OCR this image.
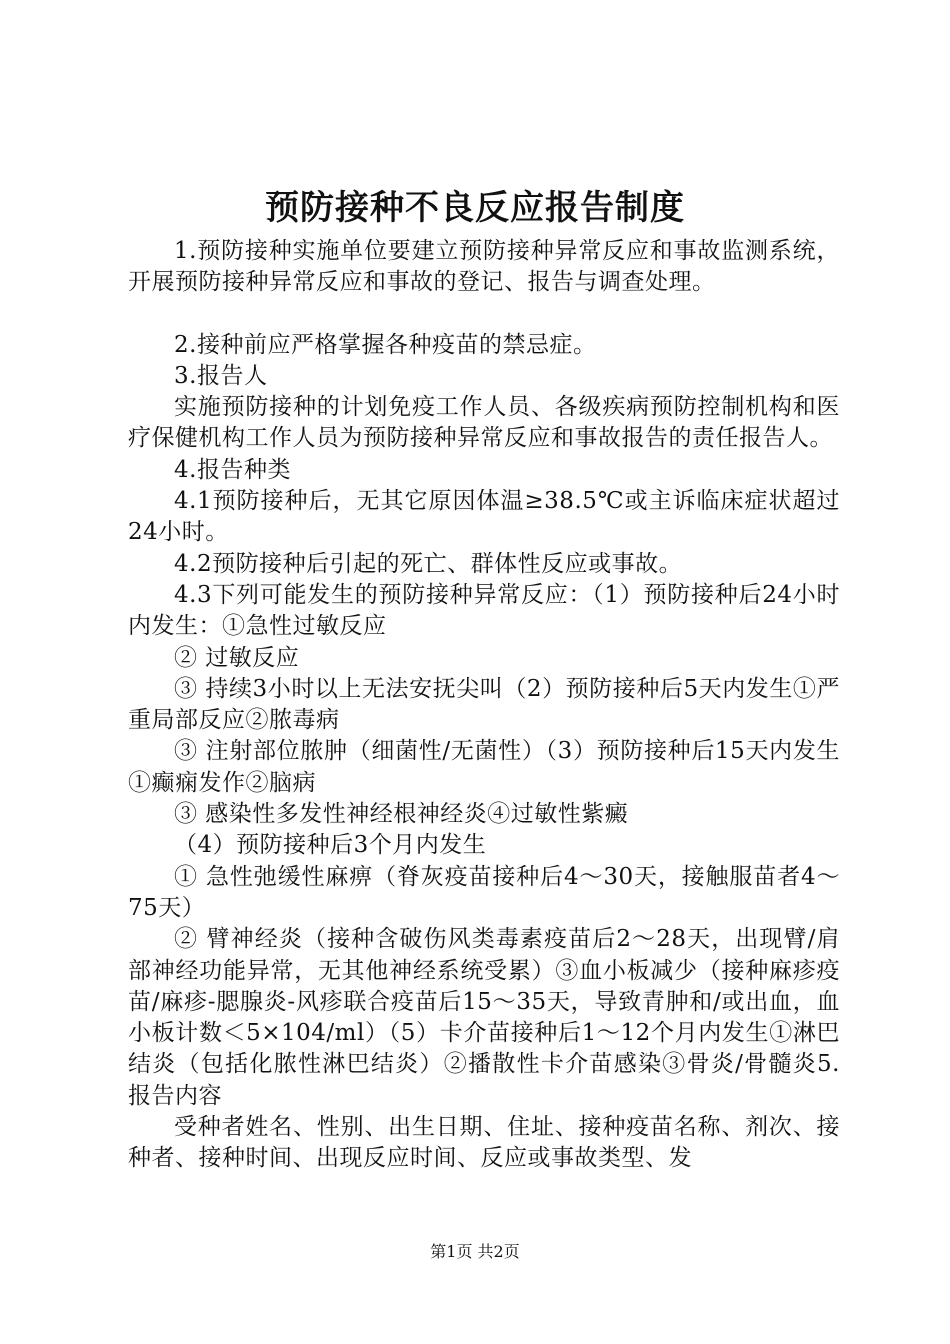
预防接种不良反应报告制度

1.预防接种实施单位要建立预防接种异常反应和事故监测系统，开展预防接种异常反应和事故的登记、报告与调查处理。

2.接种前应严格掌握各种疫苗的禁忌症。

3.报告人

实施预防接种的计划免疫工作人员、各级疾病预防控制机构和医疗保健机构工作人员为预防接种异常反应和事故报告的责任报告人。

4.报告种类

4.1预防接种后，无其它原因体温≥38.5℃或主诉临床症状超过24小时。

4.2预防接种后引起的死亡、群体性反应或事故。

4.3下列可能发生的预防接种异常反应：（1）预防接种后24小时内发生：①急性过敏反应

② 过敏反应

③ 持续3小时以上无法安抚尖叫（2）预防接种后5天内发生①严重局部反应②脓毒病

③ 注射部位脓肿（细菌性/无菌性）（3）预防接种后15天内发生①癫痫发作②脑病

③ 感染性多发性神经根神经炎④过敏性紫癜

（4）预防接种后3个月内发生

① 急性弛缓性麻痹（脊灰疫苗接种后4～30天，接触服苗者4～75天）

② 臂神经炎（接种含破伤风类毒素疫苗后2～28天，出现臂/肩部神经功能异常，无其他神经系统受累）③血小板减少（接种麻疹疫苗/麻疹-腮腺炎-风疹联合疫苗后15～35天，导致青肿和/或出血，血小板计数＜5×104/ml）（5）卡介苗接种后1～12个月内发生①淋巴结炎（包括化脓性淋巴结炎）②播散性卡介苗感染③骨炎/骨髓炎5.报告内容

受种者姓名、性别、出生日期、住址、接种疫苗名称、剂次、接种者、接种时间、出现反应时间、反应或事故类型、发

第1页 共2页
